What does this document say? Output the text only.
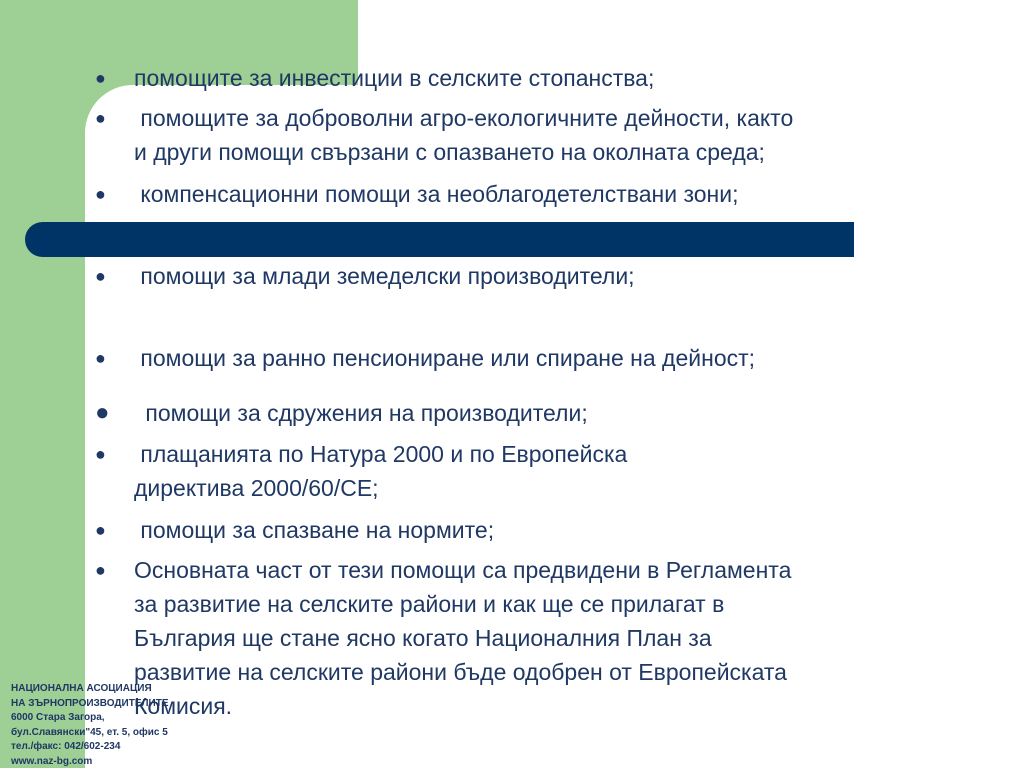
●	помощите за инвестиции в селските стопанства;
●	помощите за доброволни агро-екологичните дейности, както
и други помощи свързани с опазването на околната среда;
●	компенсационни помощи за необлагодетелствани зони;
●	помощи за млади земеделски производители;
●	помощи за ранно пенсиониране или спиране на дейност;
●	помощи за сдружения на производители;
●	плащанията по Натура 2000 и по Европейска
директива 2000/60/СЕ;
●	помощи за спазване на нормите;
●	Основната част от тези помощи са предвидени в Регламента
за развитие на селските райони и как ще се прилагат в
България ще стане ясно когато Националния План за
развитие на селските райони бъде одобрен от Европейската
Комисия.
НАЦИОНАЛНА АСОЦИАЦИЯ
НА ЗЪРНОПРОИЗВОДИТЕЛИТЕ
6000 Стара Загора,
бул.Славянски"45, ет. 5, офис 5
тел./факс: 042/602-234
www.naz-bg.com
